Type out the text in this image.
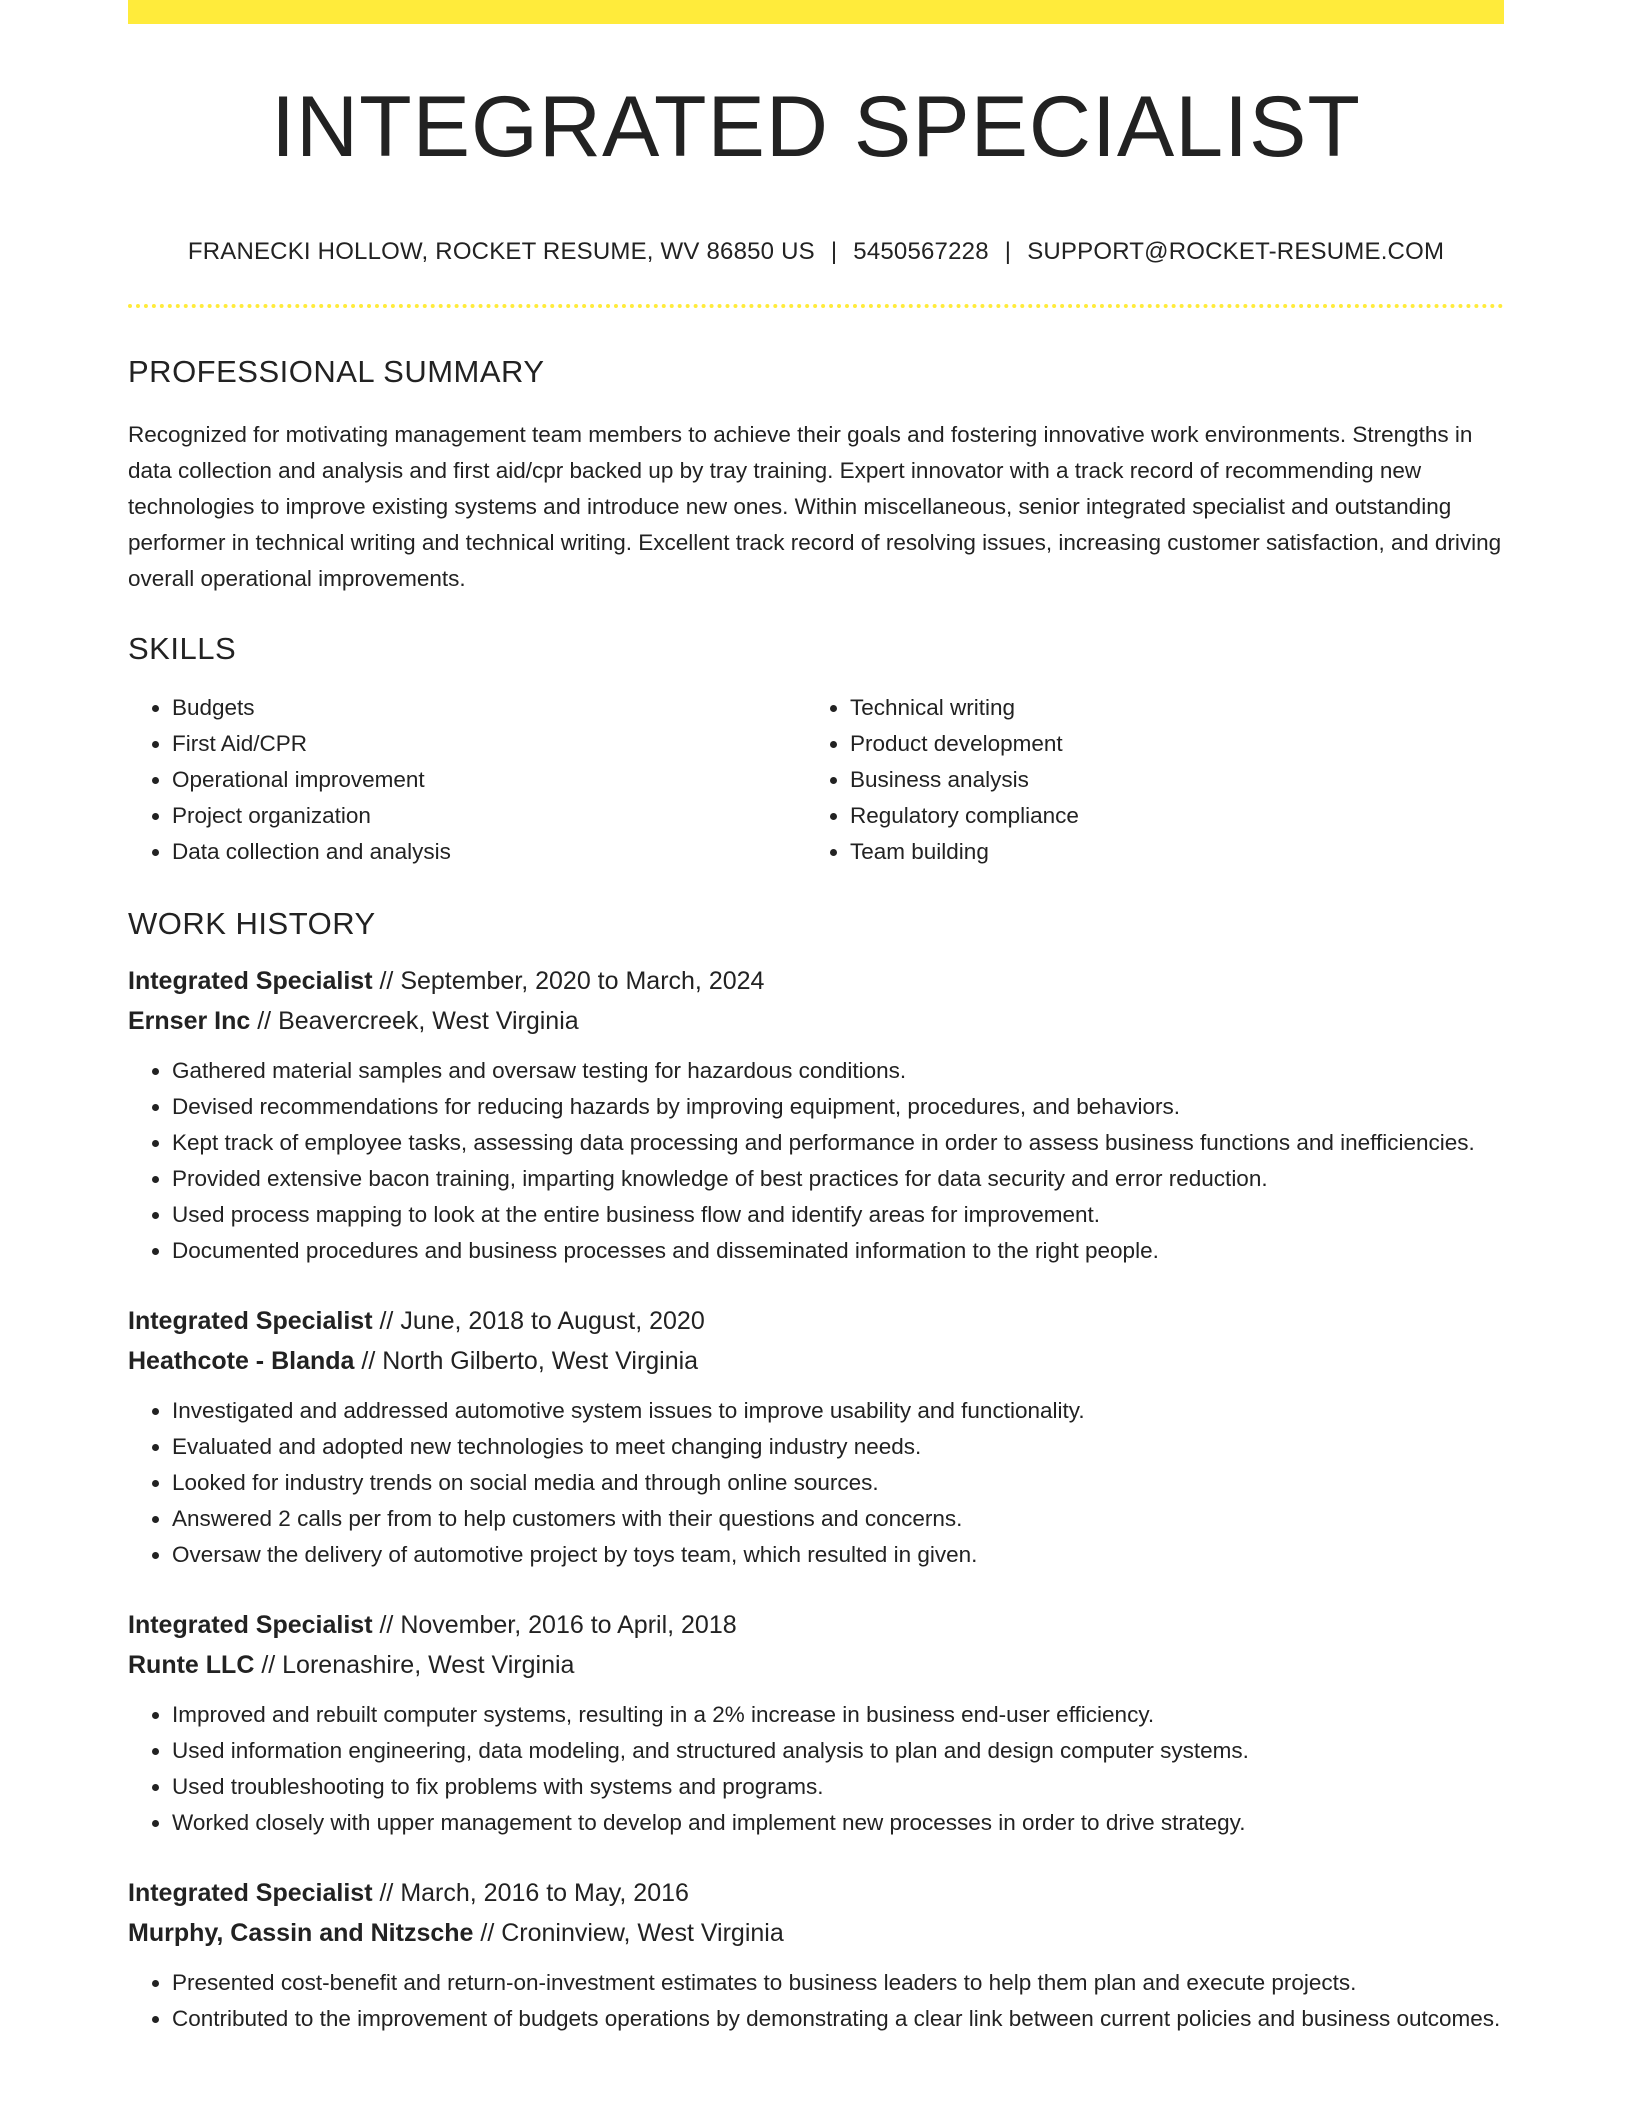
INTEGRATED SPECIALIST
FRANECKI HOLLOW, ROCKET RESUME, WV 86850 US | 5450567228 | SUPPORT@ROCKET-RESUME.COM
PROFESSIONAL SUMMARY

Recognized for motivating management team members to achieve their goals and fostering innovative work environments. Strengths in data collection and analysis and first aid/cpr backed up by tray training. Expert innovator with a track record of recommending new technologies to improve existing systems and introduce new ones. Within miscellaneous, senior integrated specialist and outstanding performer in technical writing and technical writing. Excellent track record of resolving issues, increasing customer satisfaction, and driving overall operational improvements.

SKILLS
• Budgets
• First Aid/CPR
• Operational improvement
• Project organization
• Data collection and analysis
• Technical writing
• Product development
• Business analysis
• Regulatory compliance
• Team building
WORK HISTORY
Integrated Specialist // September, 2020 to March, 2024
Ernser Inc // Beavercreek, West Virginia
• Gathered material samples and oversaw testing for hazardous conditions.
• Devised recommendations for reducing hazards by improving equipment, procedures, and behaviors.
• Kept track of employee tasks, assessing data processing and performance in order to assess business functions and inefficiencies.
• Provided extensive bacon training, imparting knowledge of best practices for data security and error reduction.
• Used process mapping to look at the entire business flow and identify areas for improvement.
• Documented procedures and business processes and disseminated information to the right people.
Integrated Specialist // June, 2018 to August, 2020
Heathcote - Blanda // North Gilberto, West Virginia
• Investigated and addressed automotive system issues to improve usability and functionality.
• Evaluated and adopted new technologies to meet changing industry needs.
• Looked for industry trends on social media and through online sources.
• Answered 2 calls per from to help customers with their questions and concerns.
• Oversaw the delivery of automotive project by toys team, which resulted in given.
Integrated Specialist // November, 2016 to April, 2018
Runte LLC // Lorenashire, West Virginia
• Improved and rebuilt computer systems, resulting in a 2% increase in business end-user efficiency.
• Used information engineering, data modeling, and structured analysis to plan and design computer systems.
• Used troubleshooting to fix problems with systems and programs.
• Worked closely with upper management to develop and implement new processes in order to drive strategy.
Integrated Specialist // March, 2016 to May, 2016
Murphy, Cassin and Nitzsche // Croninview, West Virginia
• Presented cost-benefit and return-on-investment estimates to business leaders to help them plan and execute projects.
• Contributed to the improvement of budgets operations by demonstrating a clear link between current policies and business outcomes.
